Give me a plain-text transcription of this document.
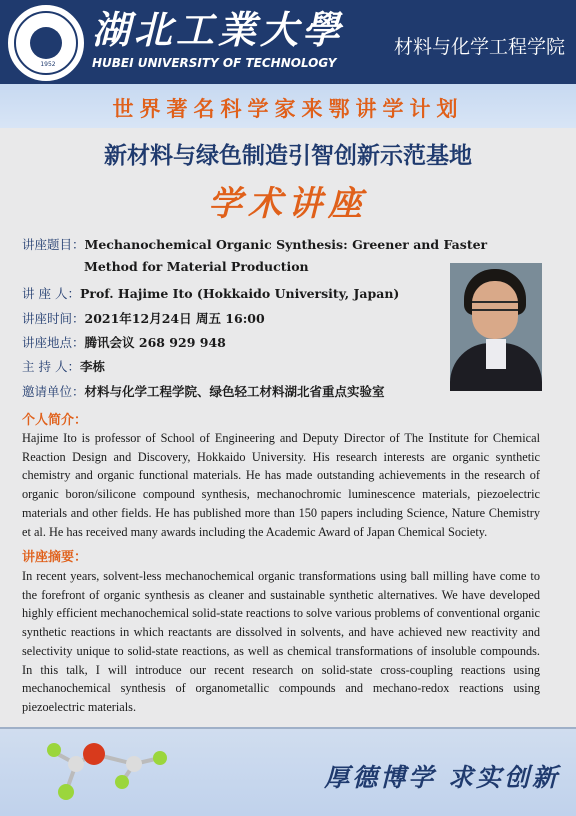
1952
湖北工業大學
HUBEI UNIVERSITY OF TECHNOLOGY
材料与化学工程学院
世界著名科学家来鄂讲学计划
新材料与绿色制造引智创新示范基地
学术讲座
讲座题目：Mechanochemical Organic Synthesis: Greener and Faster
Method for Material Production
讲 座 人：Prof. Hajime Ito (Hokkaido University, Japan)
讲座时间：2021年12月24日 周五 16:00
讲座地点：腾讯会议 268 929 948
主 持 人：李栋
邀请单位：材料与化学工程学院、绿色轻工材料湖北省重点实验室
个人简介：

Hajime Ito is professor of School of Engineering and Deputy Director of The Institute for Chemical Reaction Design and Discovery, Hokkaido University. His research interests are organic synthetic chemistry and organic functional materials. He has made outstanding achievements in the research of organic boron/silicone compound synthesis, mechanochromic luminescence materials, piezoelectric materials and other fields. He has published more than 150 papers including Science, Nature Chemistry et al. He has received many awards including the Academic Award of Japan Chemical Society.

讲座摘要：

In recent years, solvent-less mechanochemical organic transformations using ball milling have come to the forefront of organic synthesis as cleaner and sustainable synthetic alternatives. We have developed highly efficient mechanochemical solid-state reactions to solve various problems of conventional organic synthetic reactions in which reactants are dissolved in solvents, and have achieved new reactivity and selectivity unique to solid-state reactions, as well as chemical transformations of insoluble compounds. In this talk, I will introduce our recent research on solid-state cross-coupling reactions using mechanochemical synthesis of organometallic compounds and mechano-redox reactions using piezoelectric materials.

厚德博学 求实创新
